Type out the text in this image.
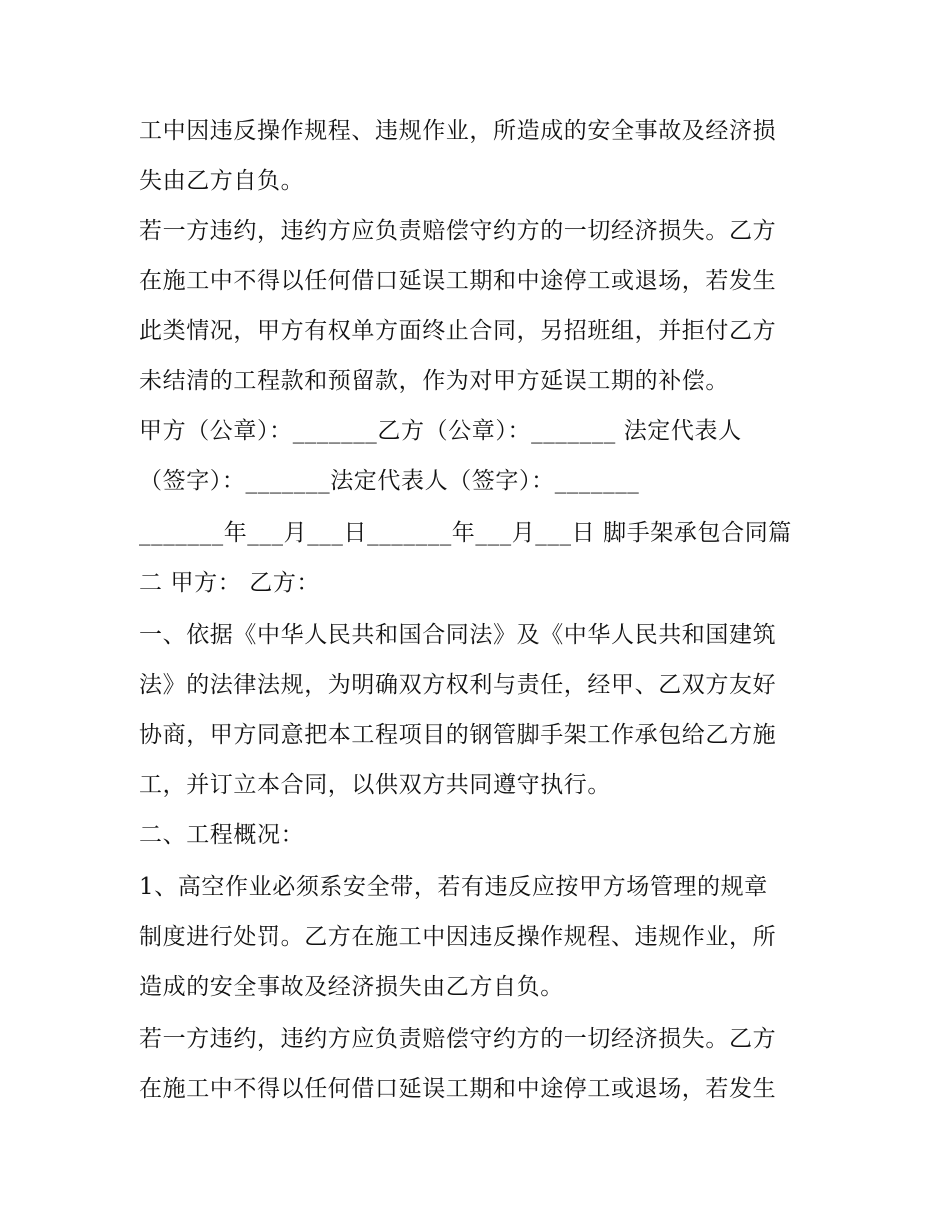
工中因违反操作规程、违规作业，所造成的安全事故及经济损
失由乙方自负。
若一方违约，违约方应负责赔偿守约方的一切经济损失。乙方
在施工中不得以任何借口延误工期和中途停工或退场，若发生
此类情况，甲方有权单方面终止合同，另招班组，并拒付乙方
未结清的工程款和预留款，作为对甲方延误工期的补偿。
甲方（公章）：_______乙方（公章）：_______ 法定代表人
（签字）：_______法定代表人（签字）：_______
_______年___月___日_______年___月___日 脚手架承包合同篇
二 甲方： 乙方：
一、依据《中华人民共和国合同法》及《中华人民共和国建筑
法》的法律法规，为明确双方权利与责任，经甲、乙双方友好
协商，甲方同意把本工程项目的钢管脚手架工作承包给乙方施
工，并订立本合同，以供双方共同遵守执行。
二、工程概况：
1、高空作业必须系安全带，若有违反应按甲方场管理的规章
制度进行处罚。乙方在施工中因违反操作规程、违规作业，所
造成的安全事故及经济损失由乙方自负。
若一方违约，违约方应负责赔偿守约方的一切经济损失。乙方
在施工中不得以任何借口延误工期和中途停工或退场，若发生
